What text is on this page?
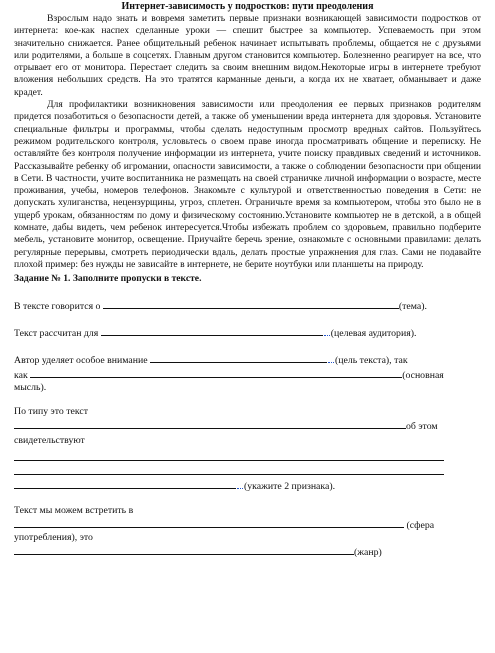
Интернет-зависимость у подростков: пути преодоления

Взрослым надо знать и вовремя заметить первые признаки возникающей зависимости подростков от интернета: кое-как наспех сделанные уроки — спешит быстрее за компьютер. Успеваемость при этом значительно снижается. Ранее общительный ребенок начинает испытывать проблемы, общается не с друзьями или родителями, а больше в соцсетях. Главным другом становится компьютер. Болезненно реагирует на все, что отрывает его от монитора. Перестает следить за своим внешним видом.Некоторые игры в интернете требуют вложения небольших средств. На это тратятся карманные деньги, а когда их не хватает, обманывает и даже крадет.

Для профилактики возникновения зависимости или преодоления ее первых признаков родителям придется позаботиться о безопасности детей, а также об уменьшении вреда интернета для здоровья. Установите специальные фильтры и программы, чтобы сделать недоступным просмотр вредных сайтов. Пользуйтесь режимом родительского контроля, условьтесь о своем праве иногда просматривать общение и переписку. Не оставляйте без контроля получение информации из интернета, учите поиску правдивых сведений и источников. Рассказывайте ребенку об игромании, опасности зависимости, а также о соблюдении безопасности при общении в Сети. В частности, учите воспитанника не размещать на своей страничке личной информации о возрасте, месте проживания, учебы, номеров телефонов. Знакомьте с культурой и ответственностью поведения в Сети: не допускать хулиганства, нецензурщины, угроз, сплетен. Ограничьте время за компьютером, чтобы это было не в ущерб урокам, обязанностям по дому и физическому состоянию.Установите компьютер не в детской, а в общей комнате, дабы видеть, чем ребенок интересуется.Чтобы избежать проблем со здоровьем, правильно подберите мебель, установите монитор, освещение. Приучайте беречь зрение, ознакомьте с основными правилами: делать регулярные перерывы, смотреть периодически вдаль, делать простые упражнения для глаз. Сами не подавайте плохой пример: без нужды не зависайте в интернете, не берите ноутбуки или планшеты на природу.

Задание № 1. Заполните пропуски в тексте.
В тексте говорится о	(тема).
Текст рассчитан для	(целевая аудитория).
Автор уделяет особое внимание	(цель текста), так
как	(основная
мысль).
По типу это текст
об этом
свидетельствуют
(укажите 2 признака).
Текст мы можем встретить в
(сфера
употребления), это
(жанр)
